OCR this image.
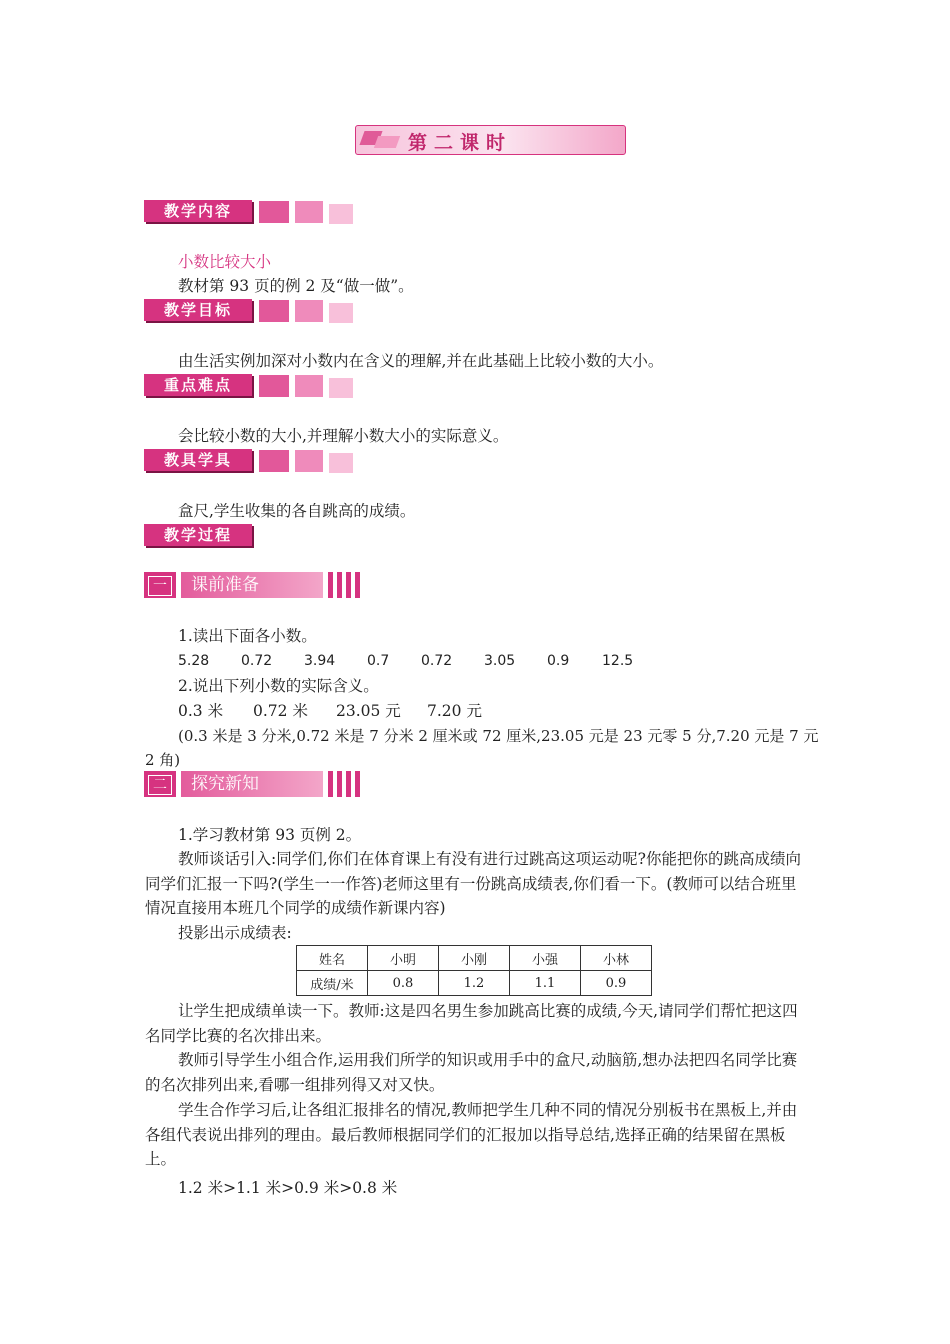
第二课时
教学内容
小数比较大小
教材第 93 页的例 2 及“做一做”。
教学目标
由生活实例加深对小数内在含义的理解,并在此基础上比较小数的大小。
重点难点
会比较小数的大小,并理解小数大小的实际意义。
教具学具
盒尺,学生收集的各自跳高的成绩。
教学过程
一	课前准备
1.读出下面各小数。
5.28 0.72 3.94 0.7 0.72 3.05 0.9 12.5
2.说出下列小数的实际含义。
0.3 米 0.72 米 23.05 元 7.20 元
(0.3 米是 3 分米,0.72 米是 7 分米 2 厘米或 72 厘米,23.05 元是 23 元零 5 分,7.20 元是 7 元
2 角)
二	探究新知
1.学习教材第 93 页例 2。
教师谈话引入:同学们,你们在体育课上有没有进行过跳高这项运动呢?你能把你的跳高成绩向同学们汇报一下吗?(学生一一作答)老师这里有一份跳高成绩表,你们看一下。(教师可以结合班里情况直接用本班几个同学的成绩作新课内容)
投影出示成绩表:
姓名	小明	小刚	小强	小林
成绩/米	0.8	1.2	1.1	0.9
让学生把成绩单读一下。教师:这是四名男生参加跳高比赛的成绩,今天,请同学们帮忙把这四名同学比赛的名次排出来。
教师引导学生小组合作,运用我们所学的知识或用手中的盒尺,动脑筋,想办法把四名同学比赛的名次排列出来,看哪一组排列得又对又快。
学生合作学习后,让各组汇报排名的情况,教师把学生几种不同的情况分别板书在黑板上,并由各组代表说出排列的理由。最后教师根据同学们的汇报加以指导总结,选择正确的结果留在黑板上。
1.2 米>1.1 米>0.9 米>0.8 米
